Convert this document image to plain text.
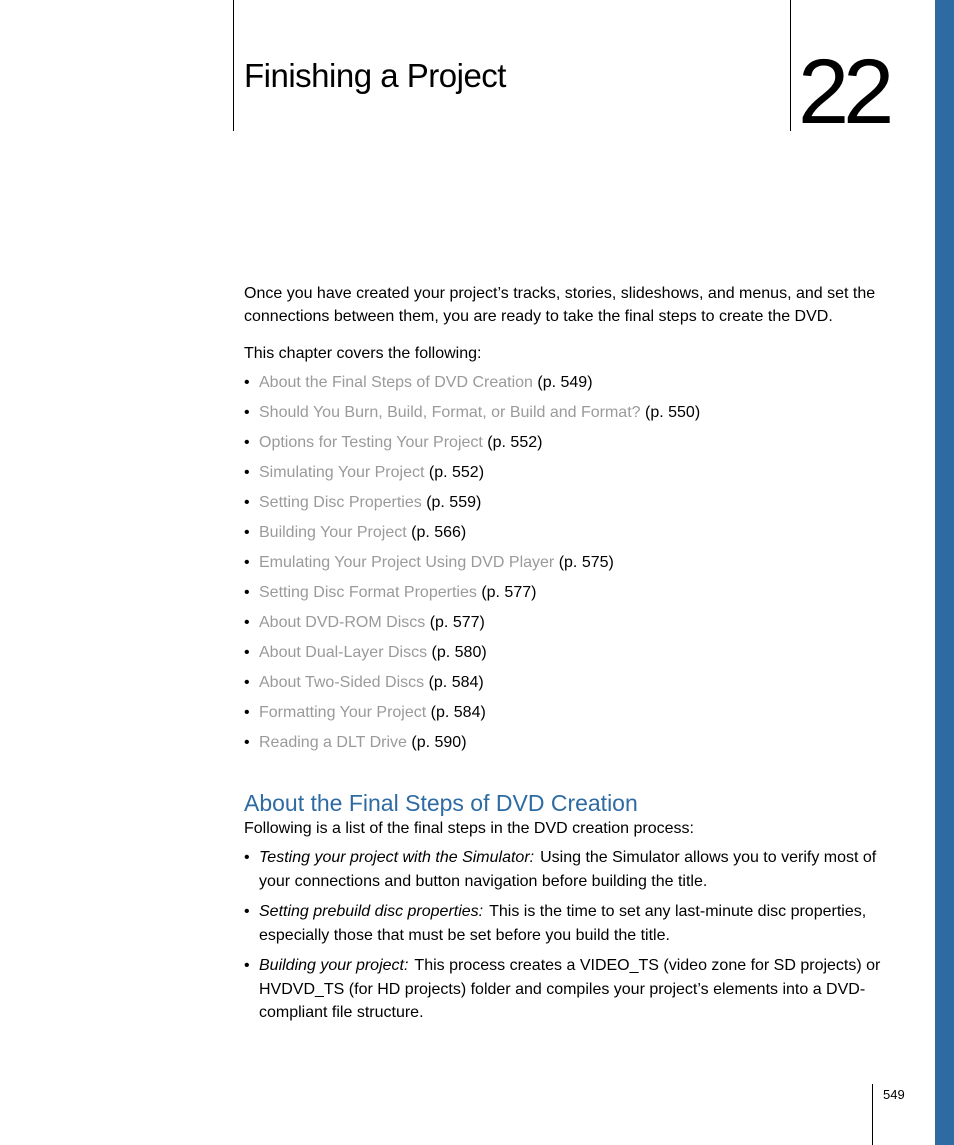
Finishing a Project	22

Once you have created your project’s tracks, stories, slideshows, and menus, and set the connections between them, you are ready to take the final steps to create the DVD.

This chapter covers the following:

• About the Final Steps of DVD Creation (p. 549)
• Should You Burn, Build, Format, or Build and Format? (p. 550)
• Options for Testing Your Project (p. 552)
• Simulating Your Project (p. 552)
• Setting Disc Properties (p. 559)
• Building Your Project (p. 566)
• Emulating Your Project Using DVD Player (p. 575)
• Setting Disc Format Properties (p. 577)
• About DVD-ROM Discs (p. 577)
• About Dual-Layer Discs (p. 580)
• About Two-Sided Discs (p. 584)
• Formatting Your Project (p. 584)
• Reading a DLT Drive (p. 590)
About the Final Steps of DVD Creation

Following is a list of the final steps in the DVD creation process:

• Testing your project with the Simulator: Using the Simulator allows you to verify most of your connections and button navigation before building the title.
• Setting prebuild disc properties: This is the time to set any last-minute disc properties, especially those that must be set before you build the title.
• Building your project: This process creates a VIDEO_TS (video zone for SD projects) or HVDVD_TS (for HD projects) folder and compiles your project’s elements into a DVD-compliant file structure.
549
